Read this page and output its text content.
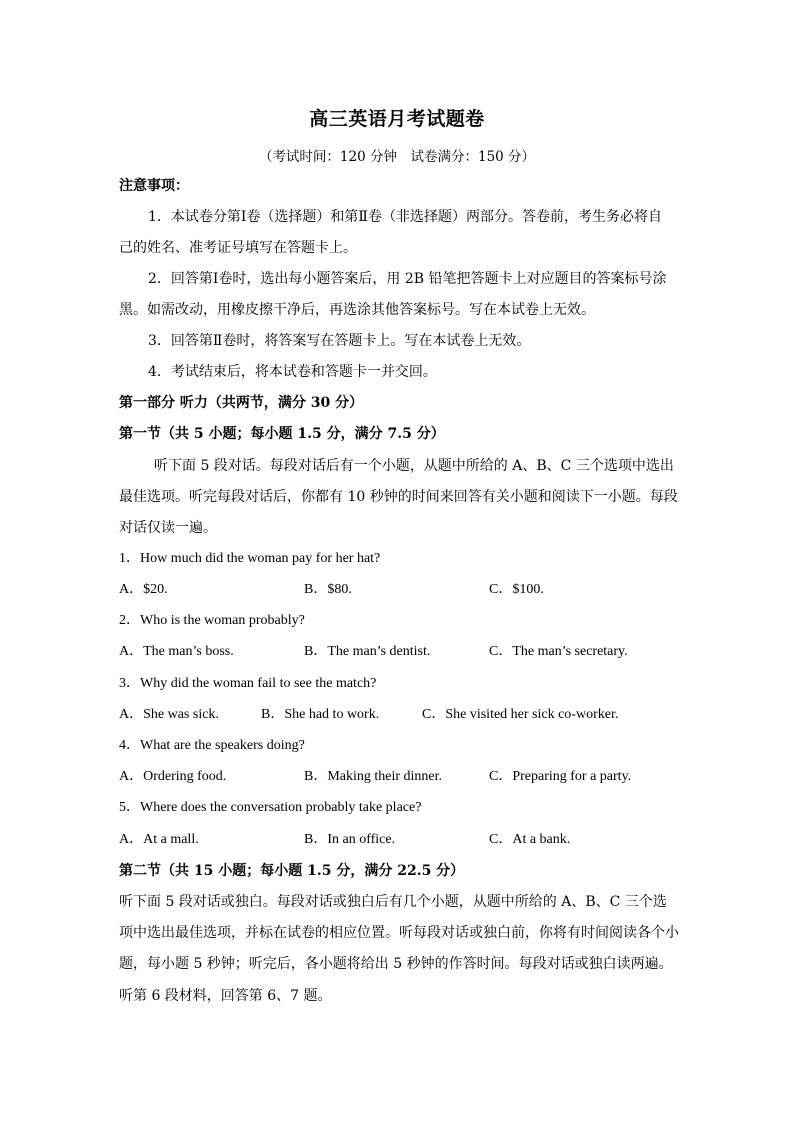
高三英语月考试题卷
（考试时间：120 分钟　试卷满分：150 分）
注意事项：
1．本试卷分第Ⅰ卷（选择题）和第Ⅱ卷（非选择题）两部分。答卷前，考生务必将自
己的姓名、准考证号填写在答题卡上。
2．回答第Ⅰ卷时，选出每小题答案后，用 2B 铅笔把答题卡上对应题目的答案标号涂
黑。如需改动，用橡皮擦干净后，再选涂其他答案标号。写在本试卷上无效。
3．回答第Ⅱ卷时，将答案写在答题卡上。写在本试卷上无效。
4．考试结束后，将本试卷和答题卡一并交回。
第一部分 听力（共两节，满分 30 分）
第一节（共 5 小题；每小题 1.5 分，满分 7.5 分）
听下面 5 段对话。每段对话后有一个小题，从题中所给的 A、B、C 三个选项中选出
最佳选项。听完每段对话后，你都有 10 秒钟的时间来回答有关小题和阅读下一小题。每段
对话仅读一遍。
1．How much did the woman pay for her hat?
A．$20.	B．$80.	C．$100.
2．Who is the woman probably?
A．The man’s boss.	B．The man’s dentist.	C．The man’s secretary.
3．Why did the woman fail to see the match?
A．She was sick.	B．She had to work.	C．She visited her sick co-worker.
4．What are the speakers doing?
A．Ordering food.	B．Making their dinner.	C．Preparing for a party.
5．Where does the conversation probably take place?
A．At a mall.	B．In an office.	C．At a bank.
第二节（共 15 小题；每小题 1.5 分，满分 22.5 分）
听下面 5 段对话或独白。每段对话或独白后有几个小题，从题中所给的 A、B、C 三个选
项中选出最佳选项，并标在试卷的相应位置。听每段对话或独白前，你将有时间阅读各个小
题，每小题 5 秒钟；听完后，各小题将给出 5 秒钟的作答时间。每段对话或独白读两遍。
听第 6 段材料，回答第 6、7 题。
